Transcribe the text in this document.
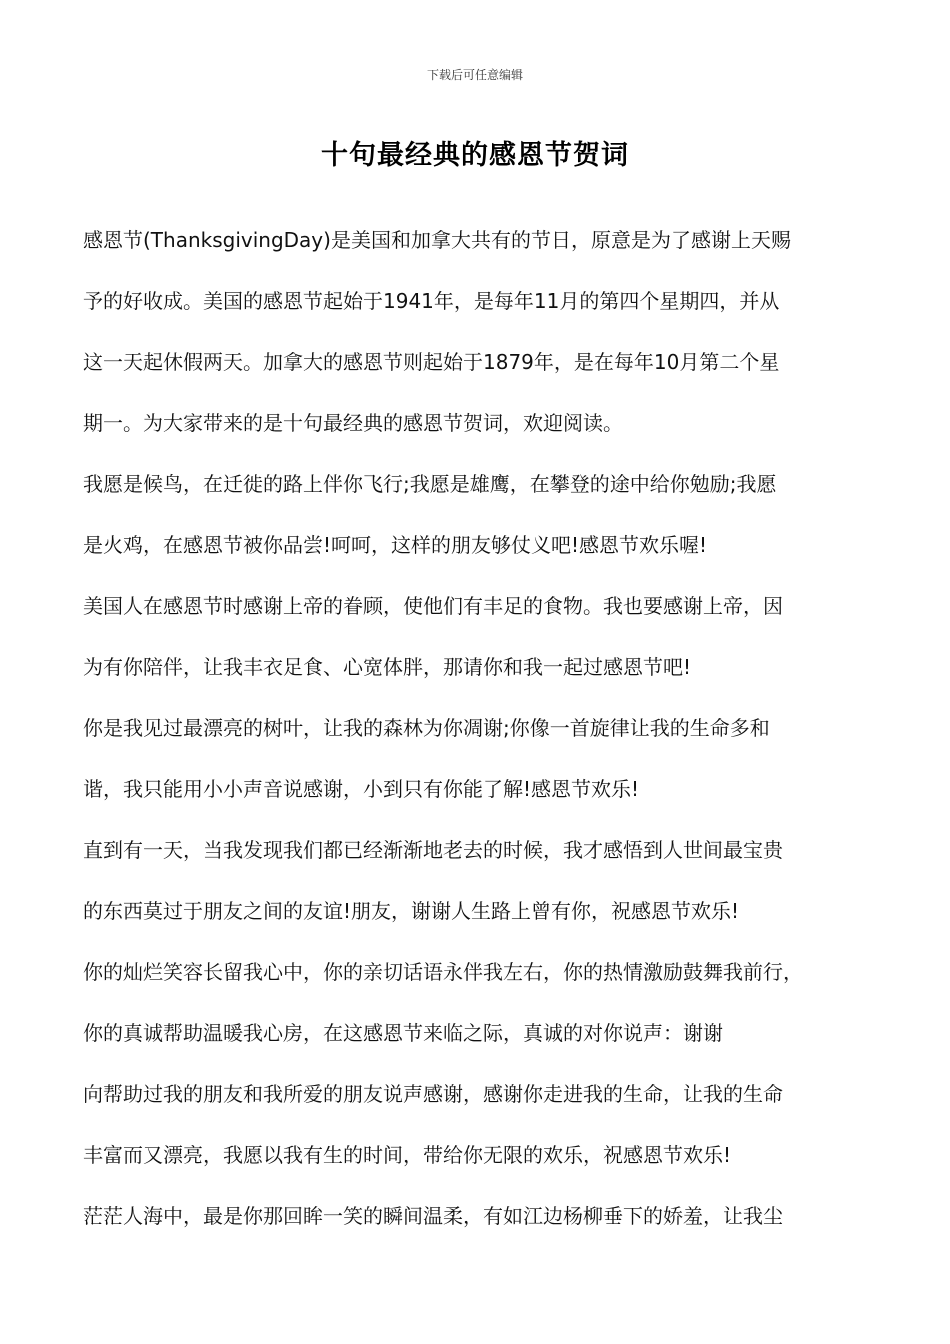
下载后可任意编辑
十句最经典的感恩节贺词
感恩节(ThanksgivingDay)是美国和加拿大共有的节日，原意是为了感谢上天赐
予的好收成。美国的感恩节起始于1941年，是每年11月的第四个星期四，并从
这一天起休假两天。加拿大的感恩节则起始于1879年，是在每年10月第二个星
期一。为大家带来的是十句最经典的感恩节贺词，欢迎阅读。
我愿是候鸟，在迁徙的路上伴你飞行;我愿是雄鹰，在攀登的途中给你勉励;我愿
是火鸡，在感恩节被你品尝!呵呵，这样的朋友够仗义吧!感恩节欢乐喔!
美国人在感恩节时感谢上帝的眷顾，使他们有丰足的食物。我也要感谢上帝，因
为有你陪伴，让我丰衣足食、心宽体胖，那请你和我一起过感恩节吧!
你是我见过最漂亮的树叶，让我的森林为你凋谢;你像一首旋律让我的生命多和
谐，我只能用小小声音说感谢，小到只有你能了解!感恩节欢乐!
直到有一天，当我发现我们都已经渐渐地老去的时候，我才感悟到人世间最宝贵
的东西莫过于朋友之间的友谊!朋友，谢谢人生路上曾有你，祝感恩节欢乐!
你的灿烂笑容长留我心中，你的亲切话语永伴我左右，你的热情激励鼓舞我前行，
你的真诚帮助温暖我心房，在这感恩节来临之际，真诚的对你说声：谢谢
向帮助过我的朋友和我所爱的朋友说声感谢，感谢你走进我的生命，让我的生命
丰富而又漂亮，我愿以我有生的时间，带给你无限的欢乐，祝感恩节欢乐!
茫茫人海中，最是你那回眸一笑的瞬间温柔，有如江边杨柳垂下的娇羞，让我尘
